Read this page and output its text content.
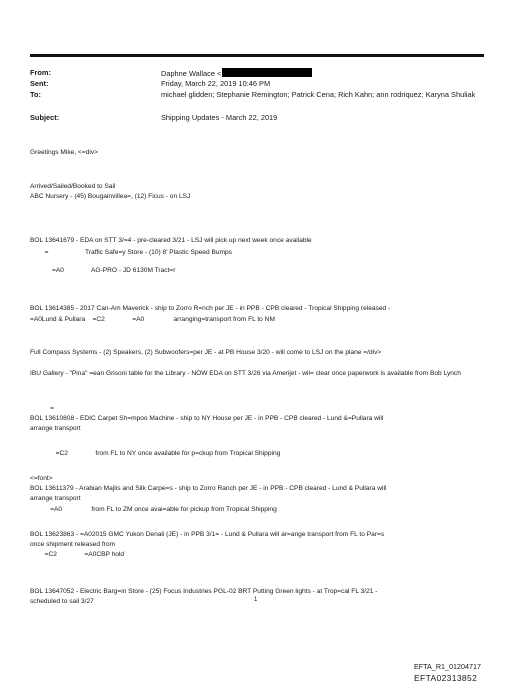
From:	Daphne Wallace <
Sent:	Friday, March 22, 2019 10:46 PM
To:	michael glidden; Stephanie Remington; Patrick Cena; Rich Kahn; ann rodriquez; Karyna Shuliak
Subject:	Shipping Updates - March 22, 2019
Greetings Mike, <=div>
Arrived/Sailed/Booked to Sail
ABC Nursery - (45) Bougainvillea=, (12) Ficus - on LSJ
BOL 13641679 - EDA on STT 3/=4 - pre-cleared 3/21 - LSJ will pick up next week once available
=                    Traffic Safe=y Store - (10) 8' Plastic Speed Bumps
=A0               AG-PRO - JD 6130M Tract=r
BOL 13614385 - 2017 Can-Am Maverick - ship to Zorro R=nch per JE - in PPB - CPB cleared - Tropical Shipping released -
=A0Lund & Pullara    =C2               =A0                arranging=transport from FL to NM
Full Compass Systems - (2) Speakers, (2) Subwoofers=per JE - at PB House 3/20 - will come to LSJ on the plane =/div>
IBU Gallery - "Pina" =ean Grisoni table for the Library - NOW EDA on STT 3/26 via Amerijet - wil= clear once paperwork is available from Bob Lynch
=
BOL 13610808 - EDIC Carpet Sh=mpoo Machine - ship to NY House per JE - in PPB - CPB cleared - Lund &=Pullara will
arrange transport
=C2               from FL to NY once available for p=ckup from Tropical Shipping
<=font>
BOL 13611379 - Arabian Majlis and Silk Carpe=s - ship to Zorro Ranch per JE - in PPB - CPB cleared - Lund & Pullara will
arrange transport
=A0                from FL to ZM once avai=able for pickup from Tropical Shipping
BOL 13623863 - =A02015 GMC Yukon Denali (JE) - in PPB 3/1= - Lund & Pullara will ar=ange transport from FL to Par=s
once shipment released from
=C2               =A0CBP hold
BOL 13647052 - Electric Barg=in Store - (25) Focus Industries PGL-02 BRT Putting Green lights - at Trop=cal FL 3/21 -
scheduled to sail 3/27	1
EFTA_R1_01204717
EFTA02313852
